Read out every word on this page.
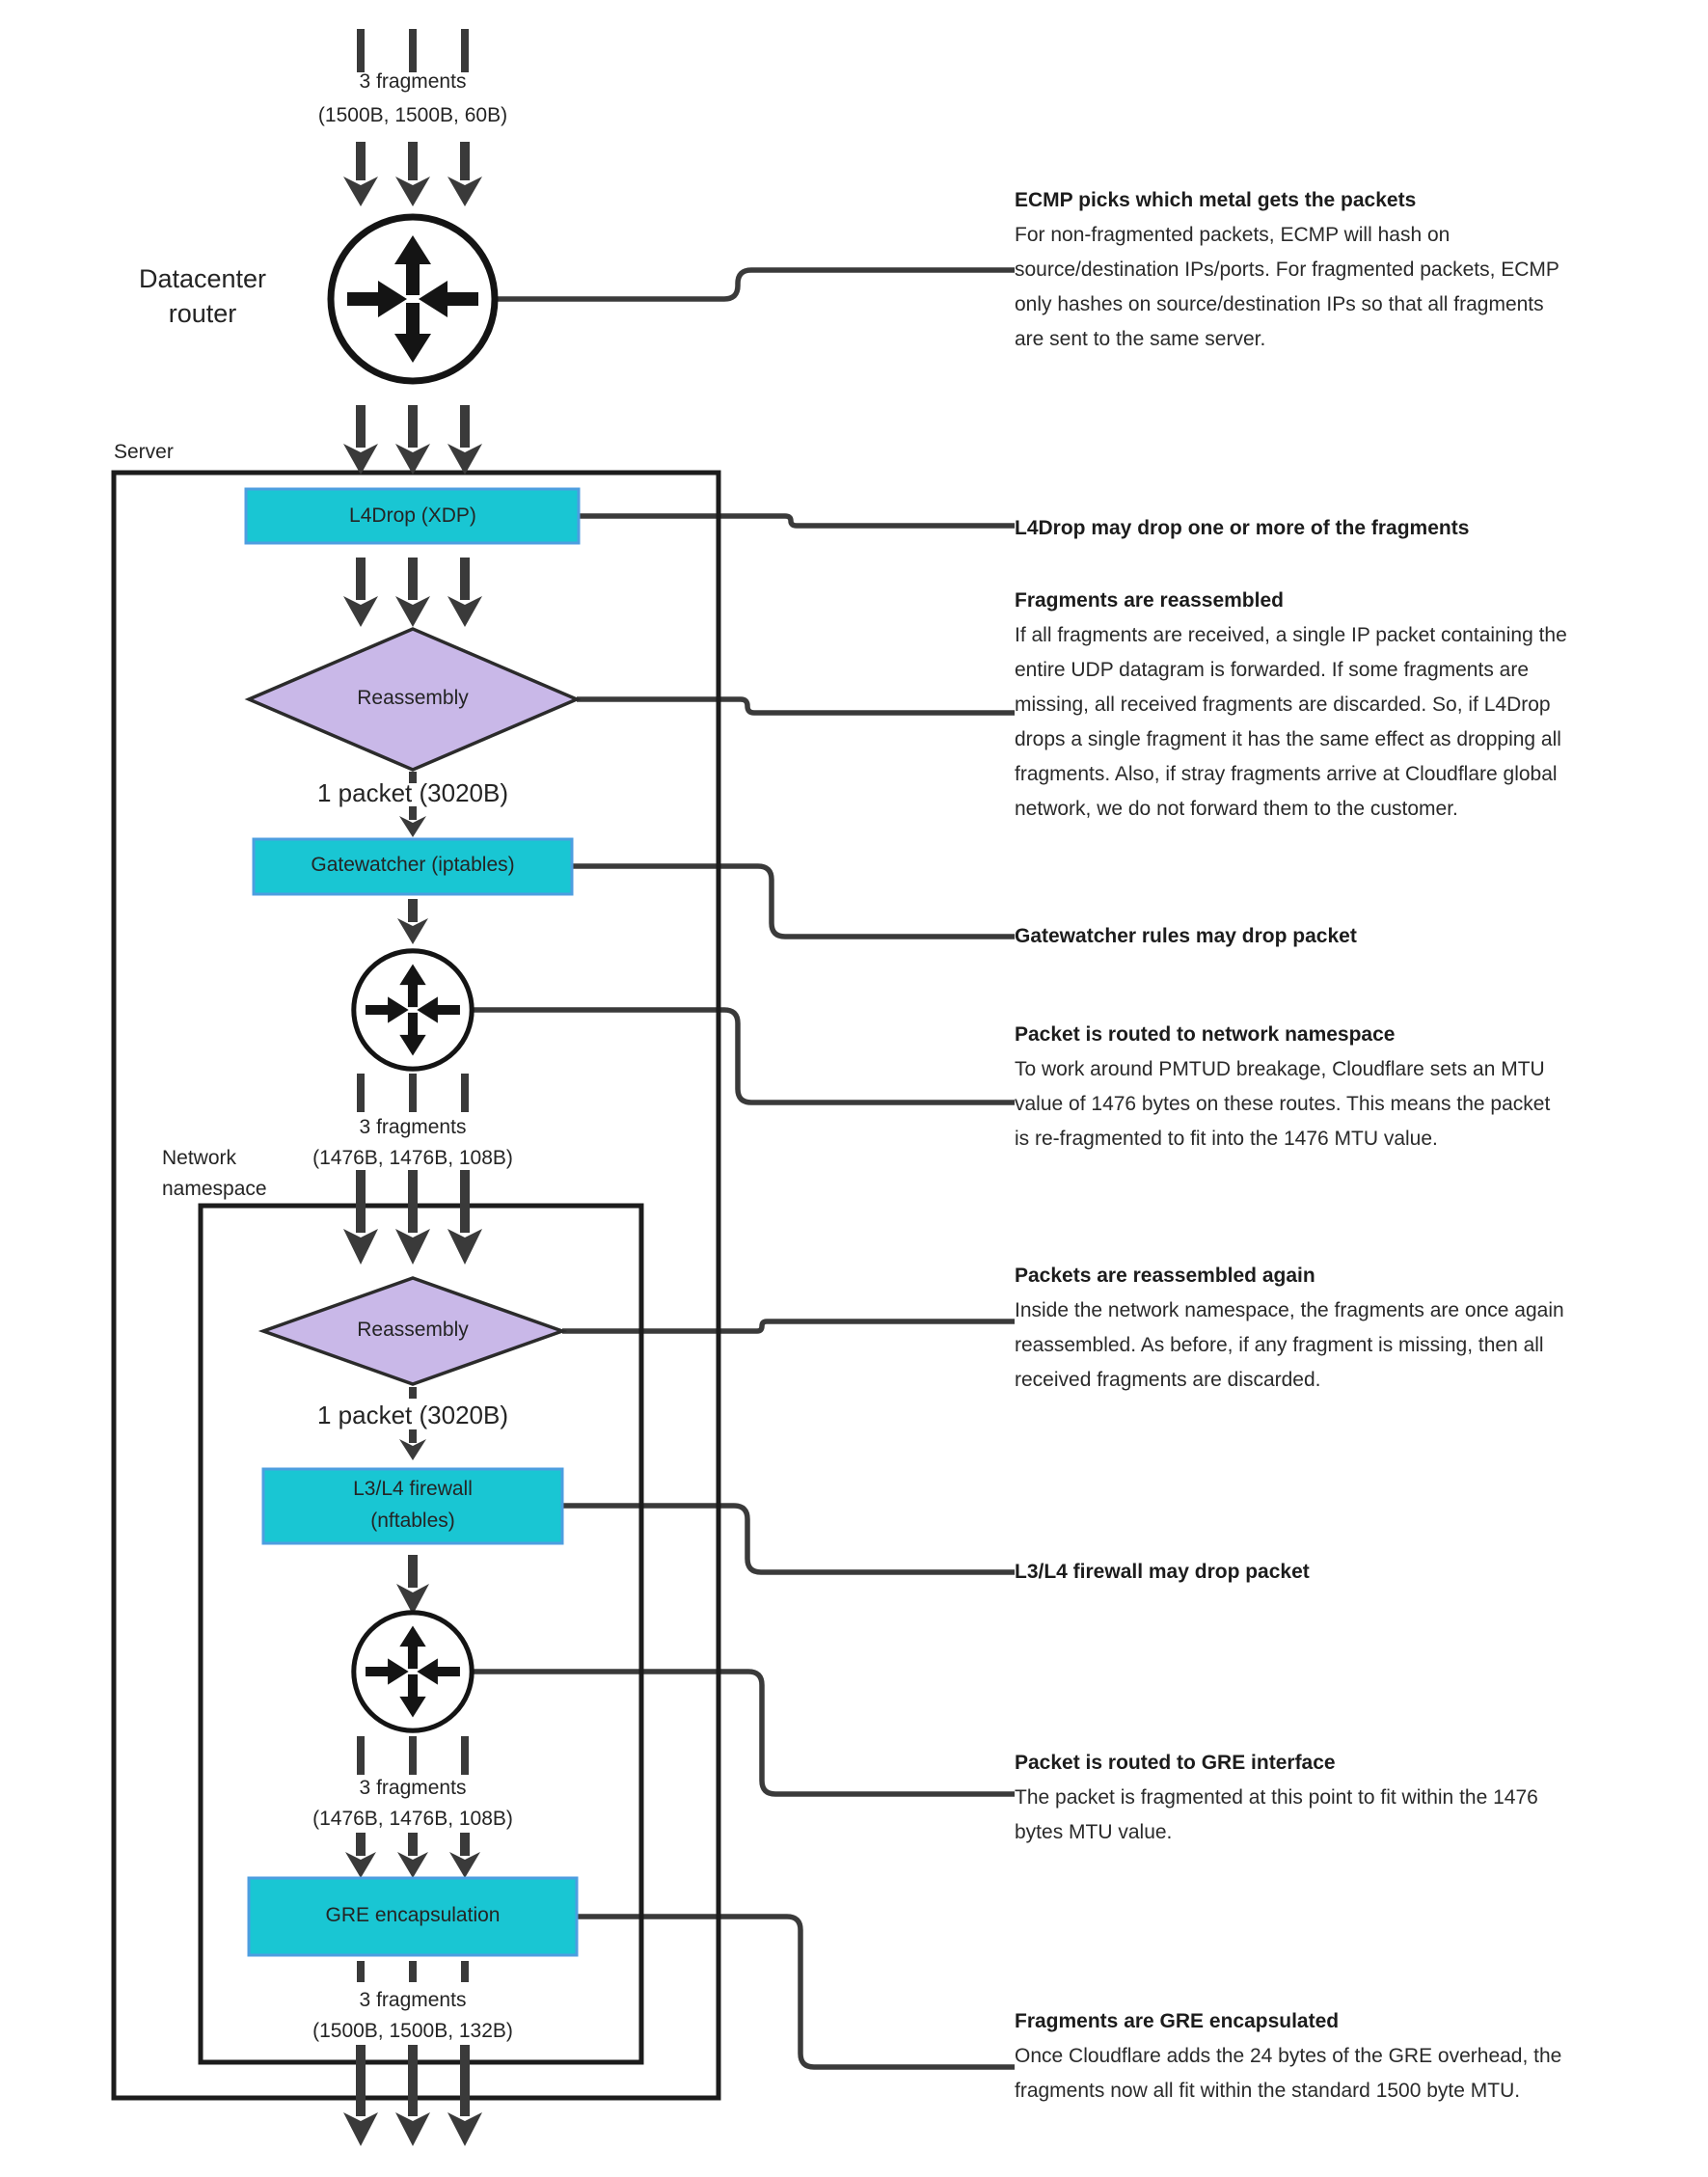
3 fragments
(1500B, 1500B, 60B)
Datacenter
router
Server
L4Drop (XDP)
Reassembly
1 packet (3020B)
Gatewatcher (iptables)
3 fragments
(1476B, 1476B, 108B)
Network
namespace
Reassembly
1 packet (3020B)
L3/L4 firewall
(nftables)
3 fragments
(1476B, 1476B, 108B)
GRE encapsulation
3 fragments
(1500B, 1500B, 132B)
ECMP picks which metal gets the packets

For non-fragmented packets, ECMP will hash on source/destination IPs/ports. For fragmented packets, ECMP only hashes on source/destination IPs so that all fragments are sent to the same server.

L4Drop may drop one or more of the fragments
Fragments are reassembled

If all fragments are received, a single IP packet containing the entire UDP datagram is forwarded. If some fragments are missing, all received fragments are discarded. So, if L4Drop drops a single fragment it has the same effect as dropping all fragments. Also, if stray fragments arrive at Cloudflare global network, we do not forward them to the customer.

Gatewatcher rules may drop packet
Packet is routed to network namespace

To work around PMTUD breakage, Cloudflare sets an MTU value of 1476 bytes on these routes. This means the packet is re-fragmented to fit into the 1476 MTU value.

Packets are reassembled again

Inside the network namespace, the fragments are once again reassembled. As before, if any fragment is missing, then all received fragments are discarded.

L3/L4 firewall may drop packet
Packet is routed to GRE interface

The packet is fragmented at this point to fit within the 1476 bytes MTU value.

Fragments are GRE encapsulated

Once Cloudflare adds the 24 bytes of the GRE overhead, the fragments now all fit within the standard 1500 byte MTU.
